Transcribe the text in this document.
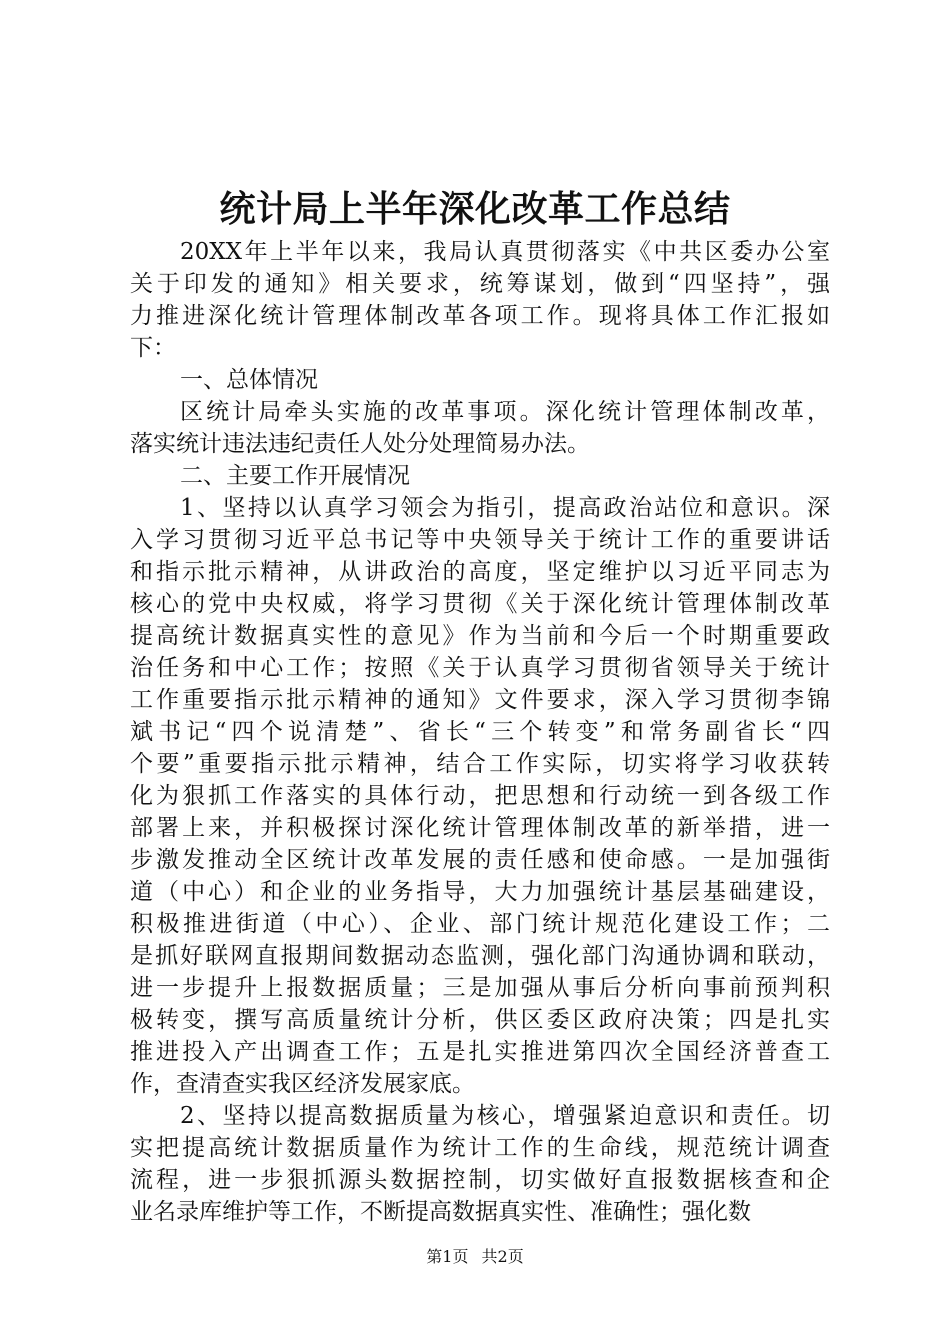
统计局上半年深化改革工作总结
20XX年上半年以来，我局认真贯彻落实《中共区委办公室
关于印发的通知》相关要求，统筹谋划，做到“四坚持”，强
力推进深化统计管理体制改革各项工作。现将具体工作汇报如
下：
一、总体情况
区统计局牵头实施的改革事项。深化统计管理体制改革，
落实统计违法违纪责任人处分处理简易办法。
二、主要工作开展情况
1、坚持以认真学习领会为指引，提高政治站位和意识。深
入学习贯彻习近平总书记等中央领导关于统计工作的重要讲话
和指示批示精神，从讲政治的高度，坚定维护以习近平同志为
核心的党中央权威，将学习贯彻《关于深化统计管理体制改革
提高统计数据真实性的意见》作为当前和今后一个时期重要政
治任务和中心工作；按照《关于认真学习贯彻省领导关于统计
工作重要指示批示精神的通知》文件要求，深入学习贯彻李锦
斌书记“四个说清楚”、省长“三个转变”和常务副省长“四
个要”重要指示批示精神，结合工作实际，切实将学习收获转
化为狠抓工作落实的具体行动，把思想和行动统一到各级工作
部署上来，并积极探讨深化统计管理体制改革的新举措，进一
步激发推动全区统计改革发展的责任感和使命感。一是加强街
道（中心）和企业的业务指导，大力加强统计基层基础建设，
积极推进街道（中心）、企业、部门统计规范化建设工作；二
是抓好联网直报期间数据动态监测，强化部门沟通协调和联动，
进一步提升上报数据质量；三是加强从事后分析向事前预判积
极转变，撰写高质量统计分析，供区委区政府决策；四是扎实
推进投入产出调查工作；五是扎实推进第四次全国经济普查工
作，查清查实我区经济发展家底。
2、坚持以提高数据质量为核心，增强紧迫意识和责任。切
实把提高统计数据质量作为统计工作的生命线，规范统计调查
流程，进一步狠抓源头数据控制，切实做好直报数据核查和企
业名录库维护等工作，不断提高数据真实性、准确性；强化数
第1页 共2页
